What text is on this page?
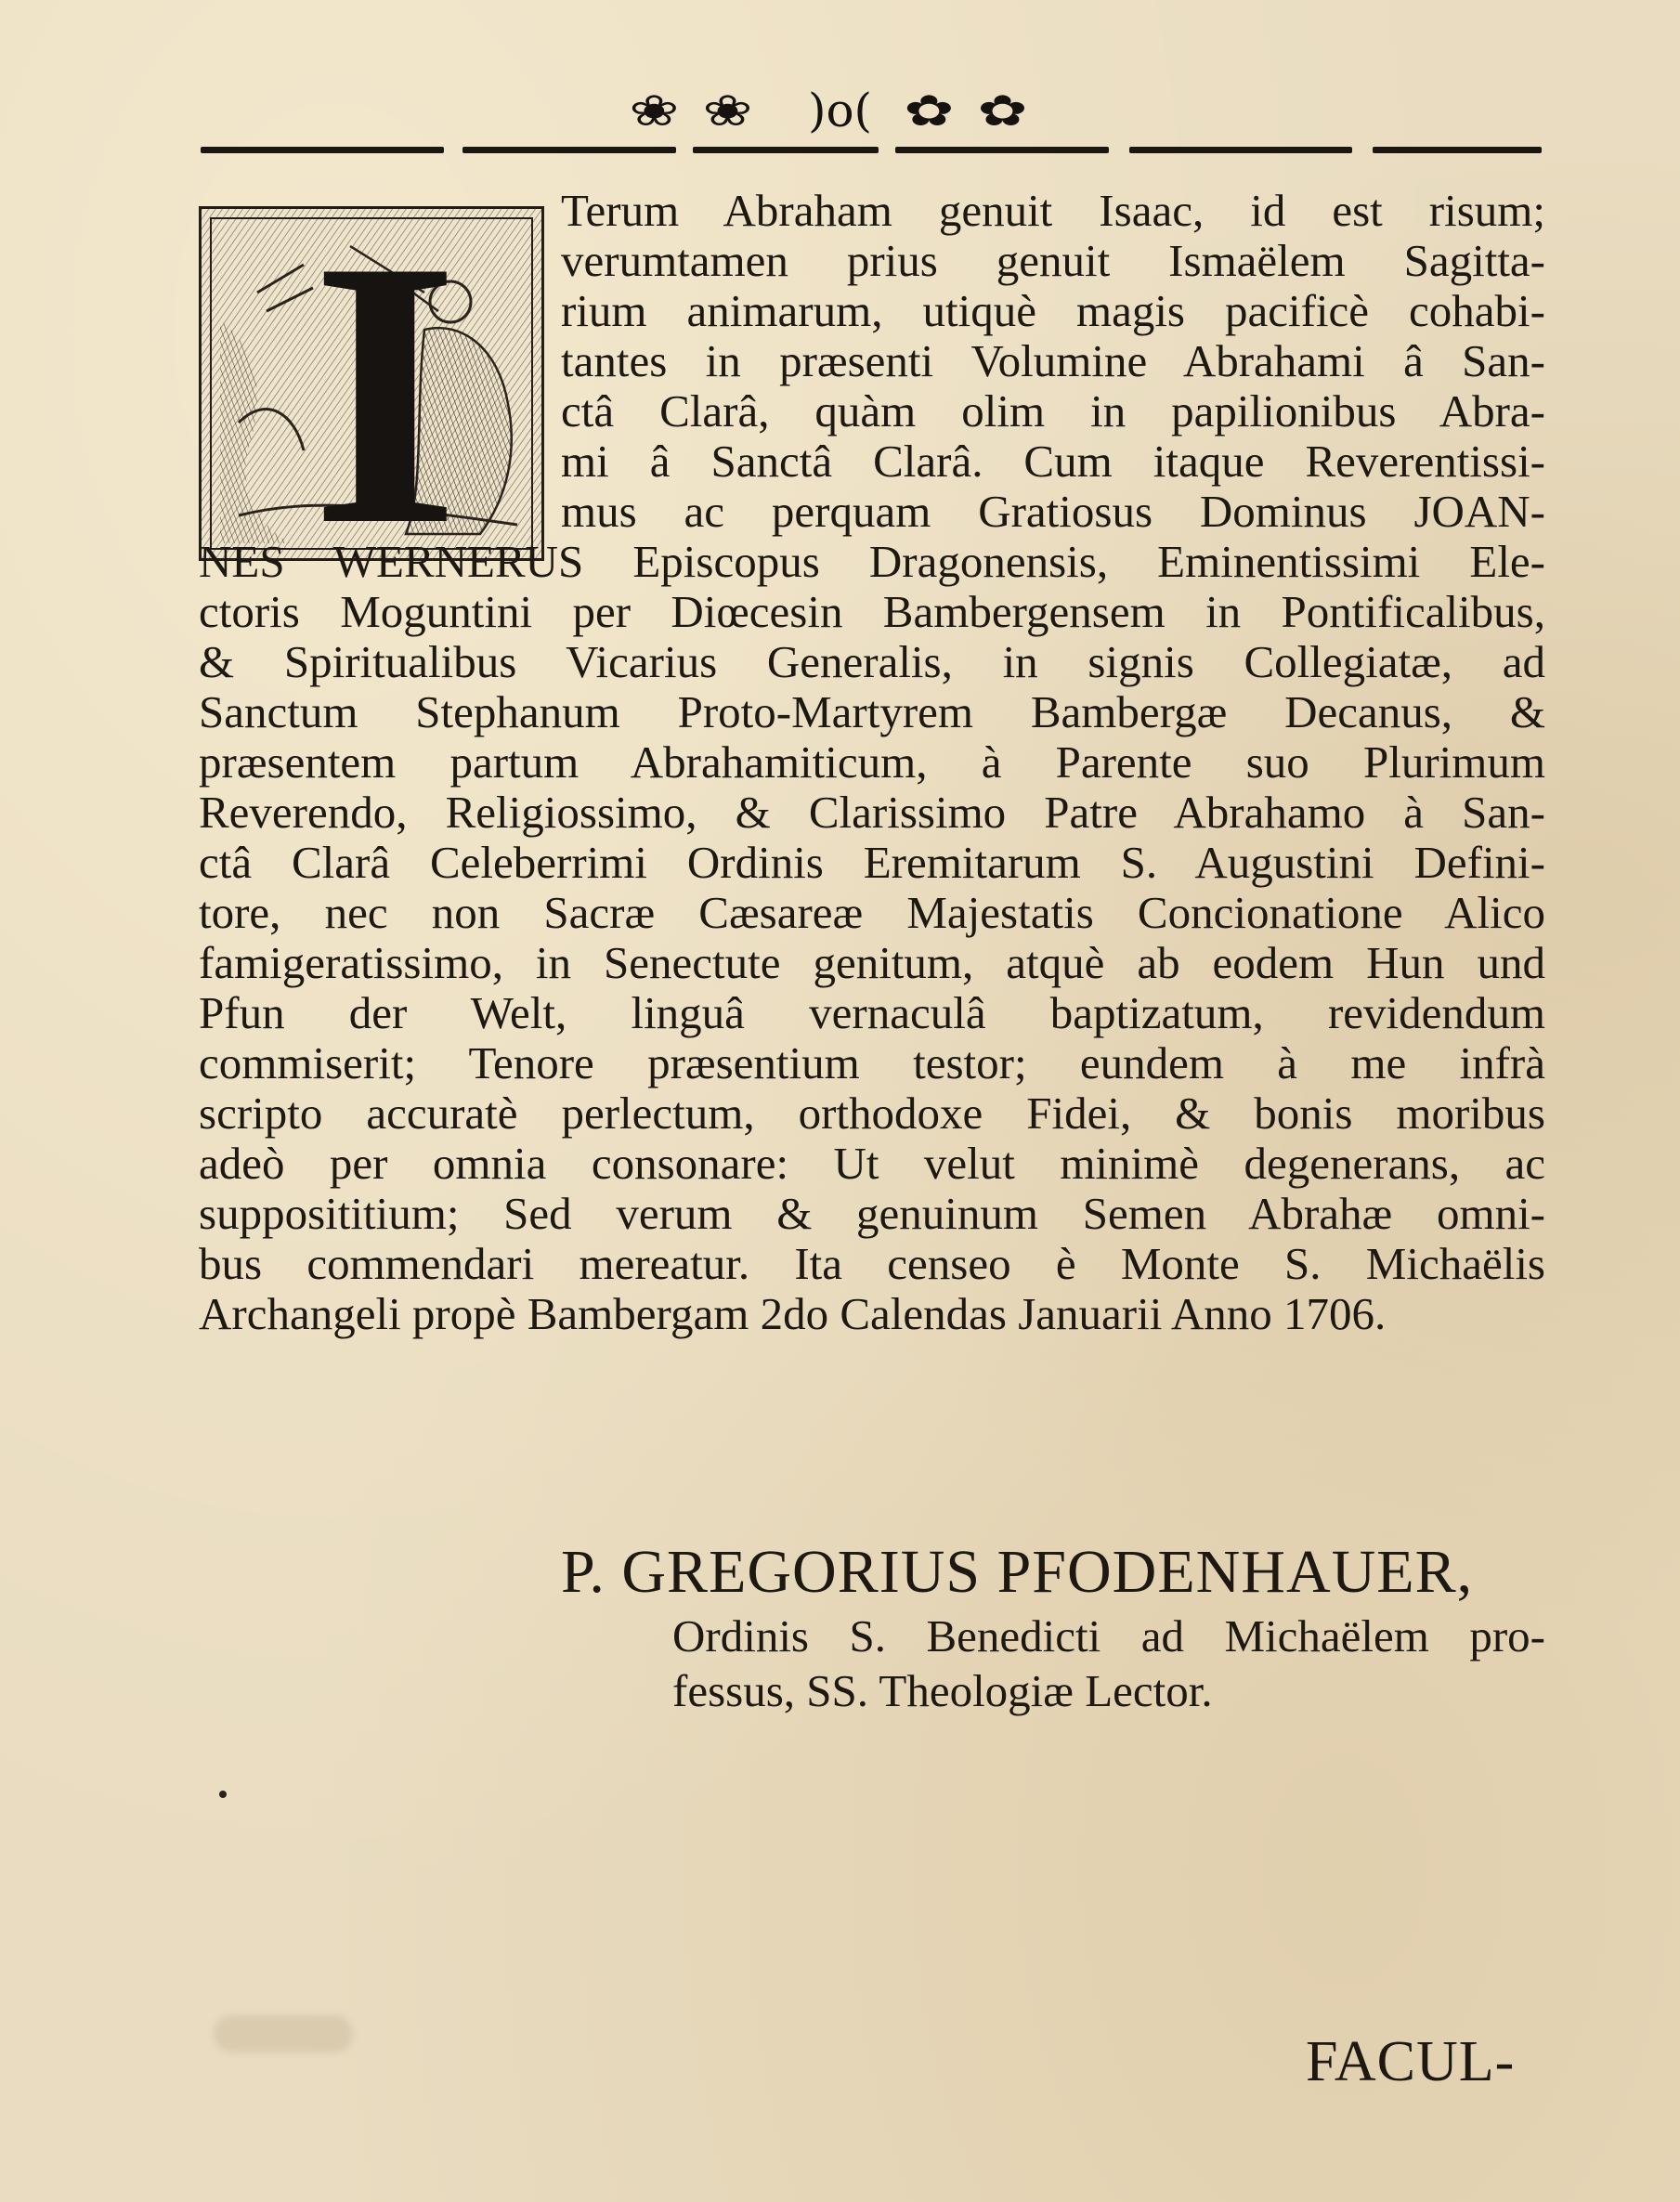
❀❀ )o( ✿✿
I Terum Abraham genuit Isaac, id est risum;
verumtamen prius genuit Ismaëlem Sagitta-
rium animarum, utiquè magis pacificè cohabi-
tantes in præsenti Volumine Abrahami â San-
ctâ Clarâ, quàm olim in papilionibus Abra-
mi â Sanctâ Clarâ. Cum itaque Reverentissi-
mus ac perquam Gratiosus Dominus JOAN-
NES WERNERUS Episcopus Dragonensis, Eminentissimi Ele-
ctoris Moguntini per Diœcesin Bambergensem in Pontificalibus,
& Spiritualibus Vicarius Generalis, in signis Collegiatæ, ad
Sanctum Stephanum Proto-Martyrem Bambergæ Decanus, &
præsentem partum Abrahamiticum, à Parente suo Plurimum
Reverendo, Religiossimo, & Clarissimo Patre Abrahamo à San-
ctâ Clarâ Celeberrimi Ordinis Eremitarum S. Augustini Defini-
tore, nec non Sacræ Cæsareæ Majestatis Concionatione Alico
famigeratissimo, in Senectute genitum, atquè ab eodem Hun und
Pfun der Welt, linguâ vernaculâ baptizatum, revidendum
commiserit; Tenore præsentium testor; eundem à me infrà
scripto accuratè perlectum, orthodoxe Fidei, & bonis moribus
adeò per omnia consonare: Ut velut minimè degenerans, ac
supposititium; Sed verum & genuinum Semen Abrahæ omni-
bus commendari mereatur. Ita censeo è Monte S. Michaëlis
Archangeli propè Bambergam 2do Calendas Januarii Anno 1706.
P. GREGORIUS PFODENHAUER,
Ordinis S. Benedicti ad Michaëlem pro-
fessus, SS. Theologiæ Lector.
FACUL-
